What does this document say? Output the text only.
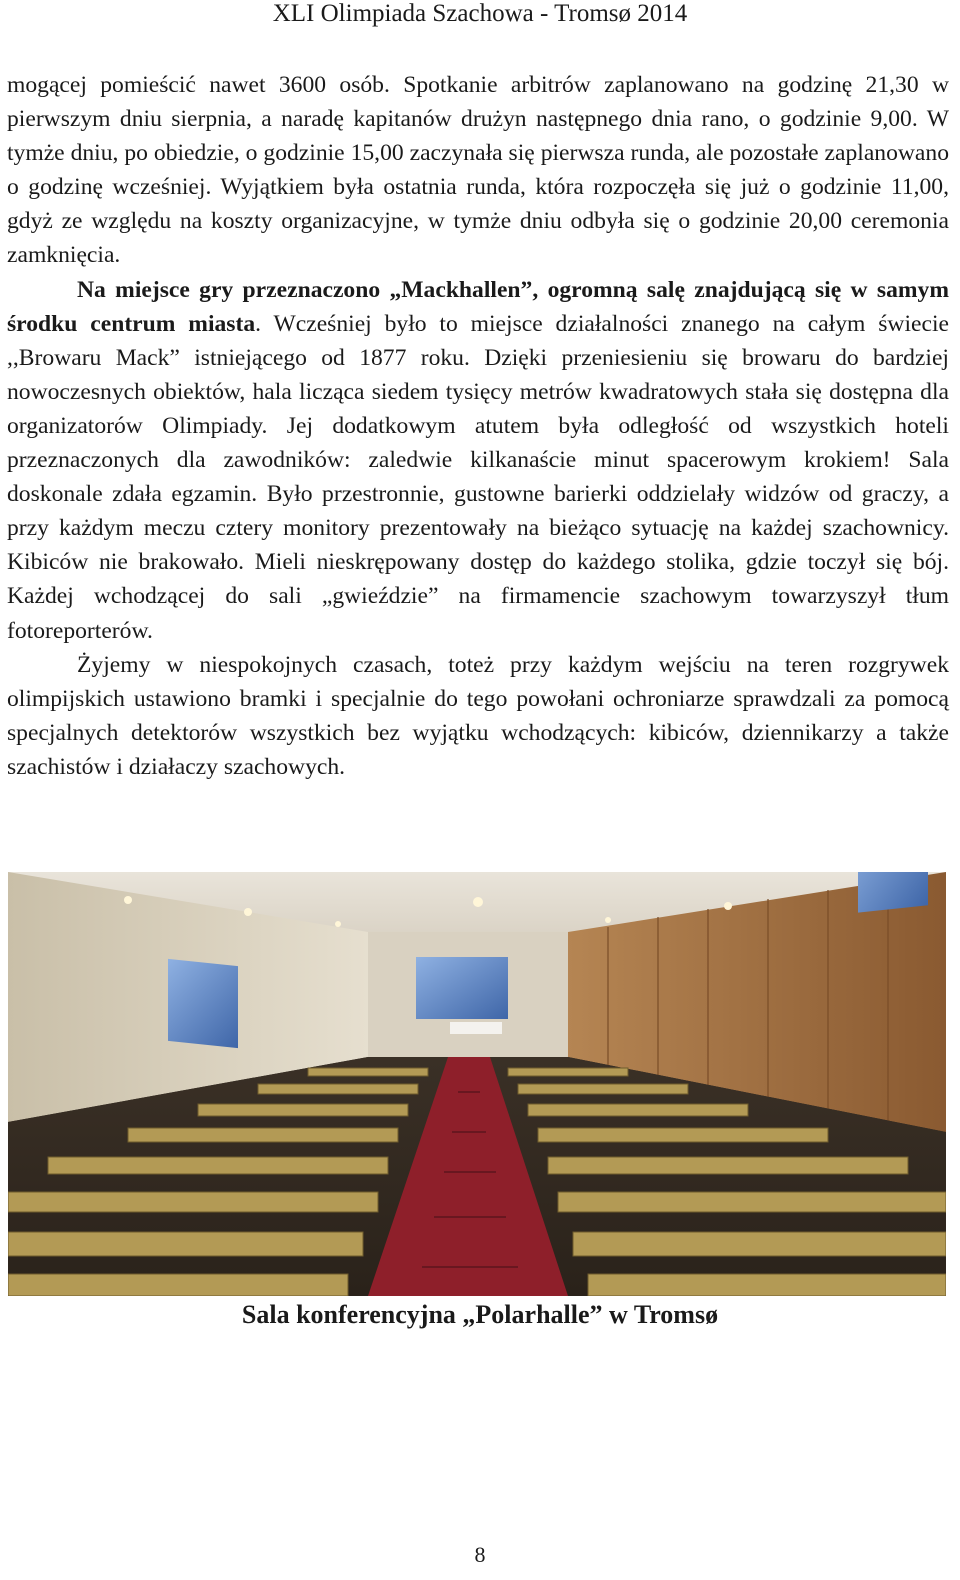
XLI Olimpiada Szachowa - Tromsø 2014

mogącej pomieścić nawet 3600 osób. Spotkanie arbitrów zaplanowano na godzinę 21,30 w pierwszym dniu sierpnia, a naradę kapitanów drużyn następnego dnia rano, o godzinie 9,00. W tymże dniu, po obiedzie, o godzinie 15,00 zaczynała się pierwsza runda, ale pozostałe zaplanowano o godzinę wcześniej. Wyjątkiem była ostatnia runda, która rozpoczęła się już o godzinie 11,00, gdyż ze względu na koszty organizacyjne, w tymże dniu odbyła się o godzinie 20,00 ceremonia zamknięcia.

Na miejsce gry przeznaczono „Mackhallen”, ogromną salę znajdującą się w samym środku centrum miasta. Wcześniej było to miejsce działalności znanego na całym świecie ,,Browaru Mack” istniejącego od 1877 roku. Dzięki przeniesieniu się browaru do bardziej nowoczesnych obiektów, hala licząca siedem tysięcy metrów kwadratowych stała się dostępna dla organizatorów Olimpiady. Jej dodatkowym atutem była odległość od wszystkich hoteli przeznaczonych dla zawodników: zaledwie kilkanaście minut spacerowym krokiem! Sala doskonale zdała egzamin. Było przestronnie, gustowne barierki oddzielały widzów od graczy, a przy każdym meczu cztery monitory prezentowały na bieżąco sytuację na każdej szachownicy. Kibiców nie brakowało. Mieli nieskrępowany dostęp do każdego stolika, gdzie toczył się bój. Każdej wchodzącej do sali „gwieździe” na firmamencie szachowym towarzyszył tłum fotoreporterów.

Żyjemy w niespokojnych czasach, toteż przy każdym wejściu na teren rozgrywek olimpijskich ustawiono bramki i specjalnie do tego powołani ochroniarze sprawdzali za pomocą specjalnych detektorów wszystkich bez wyjątku wchodzących: kibiców, dziennikarzy a także szachistów i działaczy szachowych.

Sala konferencyjna „Polarhalle” w Tromsø
8
